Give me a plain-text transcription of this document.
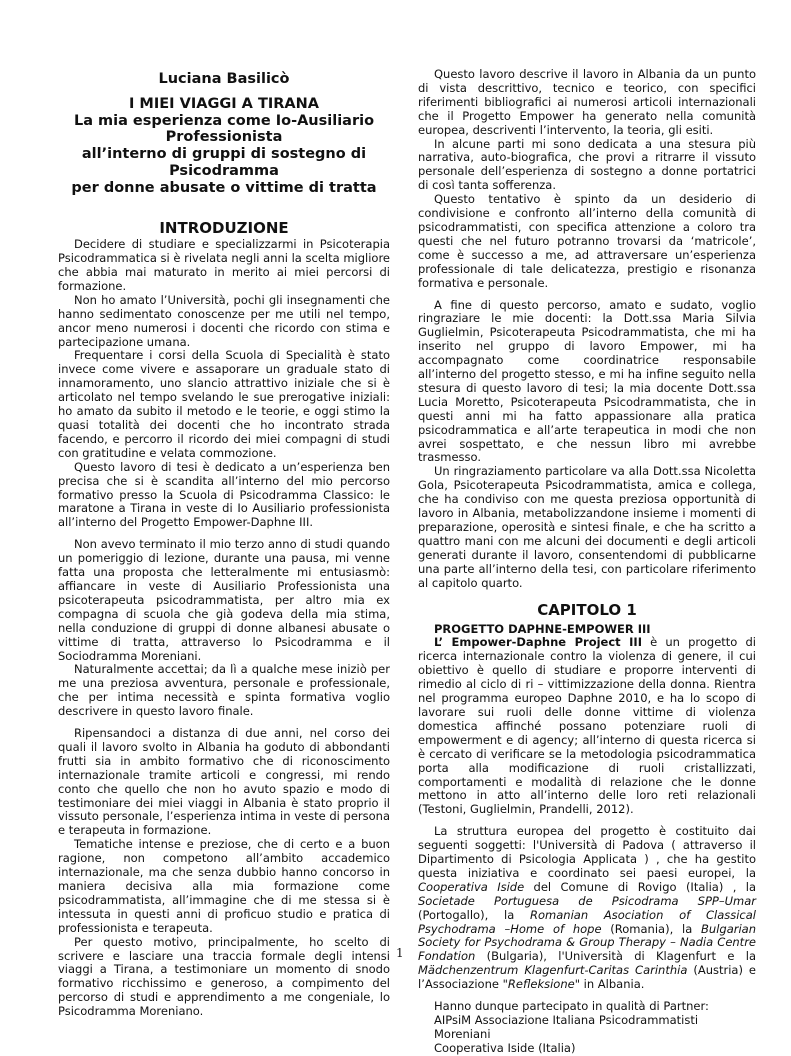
Luciana Basilicò
I MIEI VIAGGI A TIRANA
La mia esperienza come Io-Ausiliario
Professionista
all’interno di gruppi di sostegno di
Psicodramma
per donne abusate o vittime di tratta
INTRODUZIONE

Decidere di studiare e specializzarmi in Psicoterapia Psicodrammatica si è rivelata negli anni la scelta migliore che abbia mai maturato in merito ai miei percorsi di formazione.

Non ho amato l’Università, pochi gli insegnamenti che hanno sedimentato conoscenze per me utili nel tempo, ancor meno numerosi i docenti che ricordo con stima e partecipazione umana.

Frequentare i corsi della Scuola di Specialità è stato invece come vivere e assaporare un graduale stato di innamoramento, uno slancio attrattivo iniziale che si è articolato nel tempo svelando le sue prerogative iniziali: ho amato da subito il metodo e le teorie, e oggi stimo la quasi totalità dei docenti che ho incontrato strada facendo, e percorro il ricordo dei miei compagni di studi con gratitudine e velata commozione.

Questo lavoro di tesi è dedicato a un’esperienza ben precisa che si è scandita all’interno del mio percorso formativo presso la Scuola di Psicodramma Classico: le maratone a Tirana in veste di Io Ausiliario professionista all’interno del Progetto Empower-Daphne III.

Non avevo terminato il mio terzo anno di studi quando un pomeriggio di lezione, durante una pausa, mi venne fatta una proposta che letteralmente mi entusiasmò: affiancare in veste di Ausiliario Professionista una psicoterapeuta psicodrammatista, per altro mia ex compagna di scuola che già godeva della mia stima, nella conduzione di gruppi di donne albanesi abusate o vittime di tratta, attraverso lo Psicodramma e il Sociodramma Moreniani.

Naturalmente accettai; da lì a qualche mese iniziò per me una preziosa avventura, personale e professionale, che per intima necessità e spinta formativa voglio descrivere in questo lavoro finale.

Ripensandoci a distanza di due anni, nel corso dei quali il lavoro svolto in Albania ha goduto di abbondanti frutti sia in ambito formativo che di riconoscimento internazionale tramite articoli e congressi, mi rendo conto che quello che non ho avuto spazio e modo di testimoniare dei miei viaggi in Albania è stato proprio il vissuto personale, l’esperienza intima in veste di persona e terapeuta in formazione.

Tematiche intense e preziose, che di certo e a buon ragione, non competono all’ambito accademico internazionale, ma che senza dubbio hanno concorso in maniera decisiva alla mia formazione come psicodrammatista, all’immagine che di me stessa si è intessuta in questi anni di proficuo studio e pratica di professionista e terapeuta.

Per questo motivo, principalmente, ho scelto di scrivere e lasciare una traccia formale degli intensi viaggi a Tirana, a testimoniare un momento di snodo formativo ricchissimo e generoso, a compimento del percorso di studi e apprendimento a me congeniale, lo Psicodramma Moreniano.

Questo lavoro descrive il lavoro in Albania da un punto di vista descrittivo, tecnico e teorico, con specifici riferimenti bibliografici ai numerosi articoli internazionali che il Progetto Empower ha generato nella comunità europea, descriventi l’intervento, la teoria, gli esiti.

In alcune parti mi sono dedicata a una stesura più narrativa, auto-biografica, che provi a ritrarre il vissuto personale dell’esperienza di sostegno a donne portatrici di così tanta sofferenza.

Questo tentativo è spinto da un desiderio di condivisione e confronto all’interno della comunità di psicodrammatisti, con specifica attenzione a coloro tra questi che nel futuro potranno trovarsi da ‘matricole’, come è successo a me, ad attraversare un’esperienza professionale di tale delicatezza, prestigio e risonanza formativa e personale.

A fine di questo percorso, amato e sudato, voglio ringraziare le mie docenti: la Dott.ssa Maria Silvia Guglielmin, Psicoterapeuta Psicodrammatista, che mi ha inserito nel gruppo di lavoro Empower, mi ha accompagnato come coordinatrice responsabile all’interno del progetto stesso, e mi ha infine seguito nella stesura di questo lavoro di tesi; la mia docente Dott.ssa Lucia Moretto, Psicoterapeuta Psicodrammatista, che in questi anni mi ha fatto appassionare alla pratica psicodrammatica e all’arte terapeutica in modi che non avrei sospettato, e che nessun libro mi avrebbe trasmesso.

Un ringraziamento particolare va alla Dott.ssa Nicoletta Gola, Psicoterapeuta Psicodrammatista, amica e collega, che ha condiviso con me questa preziosa opportunità di lavoro in Albania, metabolizzandone insieme i momenti di preparazione, operosità e sintesi finale, e che ha scritto a quattro mani con me alcuni dei documenti e degli articoli generati durante il lavoro, consentendomi di pubblicarne una parte all’interno della tesi, con particolare riferimento al capitolo quarto.

CAPITOLO 1
PROGETTO DAPHNE-EMPOWER III

L’ Empower-Daphne Project III è un progetto di ricerca internazionale contro la violenza di genere, il cui obiettivo è quello di studiare e proporre interventi di rimedio al ciclo di ri – vittimizzazione della donna. Rientra nel programma europeo Daphne 2010, e ha lo scopo di lavorare sui ruoli delle donne vittime di violenza domestica affinché possano potenziare ruoli di empowerment e di agency; all’interno di questa ricerca si è cercato di verificare se la metodologia psicodrammatica porta alla modificazione di ruoli cristallizzati, comportamenti e modalità di relazione che le donne mettono in atto all’interno delle loro reti relazionali (Testoni, Guglielmin, Prandelli, 2012).

La struttura europea del progetto è costituito dai seguenti soggetti: l'Università di Padova ( attraverso il Dipartimento di Psicologia Applicata ) , che ha gestito questa iniziativa e coordinato sei paesi europei, la Cooperativa Iside del Comune di Rovigo (Italia) , la Societade Portuguesa de Psicodrama SPP–Umar (Portogallo), la Romanian Asociation of Classical Psychodrama –Home of hope (Romania), la Bulgarian Society for Psychodrama & Group Therapy – Nadia Centre Fondation (Bulgaria), l'Università di Klagenfurt e la Mädchenzentrum Klagenfurt-Caritas Carinthia (Austria) e l’Associazione "Refleksione" in Albania.

Hanno dunque partecipato in qualità di Partner:
AIPsiM Associazione Italiana Psicodrammatisti Moreniani
Cooperativa Iside (Italia)
1
